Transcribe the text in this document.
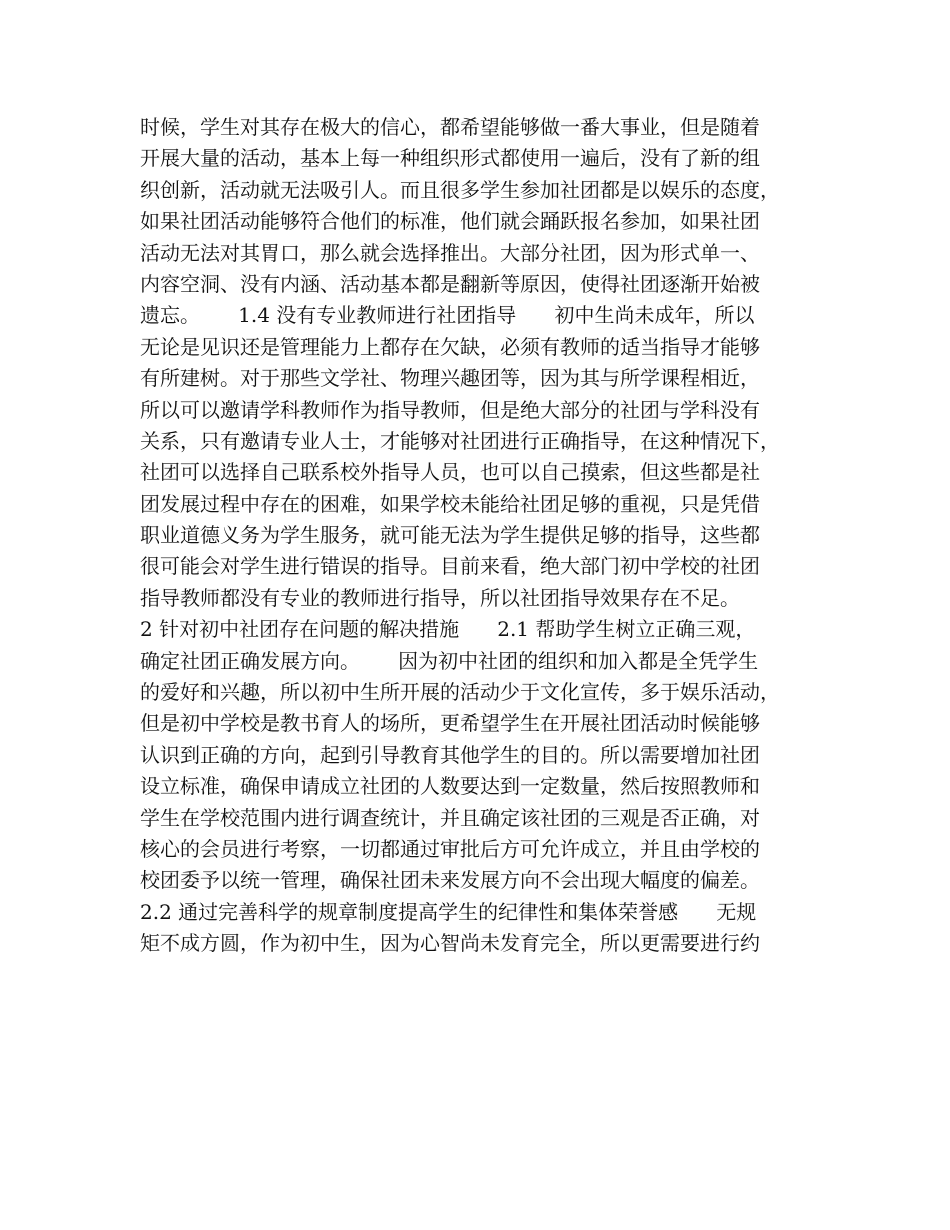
时候，学生对其存在极大的信心，都希望能够做一番大事业，但是随着
开展大量的活动，基本上每一种组织形式都使用一遍后，没有了新的组
织创新，活动就无法吸引人。而且很多学生参加社团都是以娱乐的态度，
如果社团活动能够符合他们的标准，他们就会踊跃报名参加，如果社团
活动无法对其胃口，那么就会选择推出。大部分社团，因为形式单一、
内容空洞、没有内涵、活动基本都是翻新等原因，使得社团逐渐开始被
遗忘。      1.4 没有专业教师进行社团指导      初中生尚未成年，所以
无论是见识还是管理能力上都存在欠缺，必须有教师的适当指导才能够
有所建树。对于那些文学社、物理兴趣团等，因为其与所学课程相近，
所以可以邀请学科教师作为指导教师，但是绝大部分的社团与学科没有
关系，只有邀请专业人士，才能够对社团进行正确指导，在这种情况下，
社团可以选择自己联系校外指导人员，也可以自己摸索，但这些都是社
团发展过程中存在的困难，如果学校未能给社团足够的重视，只是凭借
职业道德义务为学生服务，就可能无法为学生提供足够的指导，这些都
很可能会对学生进行错误的指导。目前来看，绝大部门初中学校的社团
指导教师都没有专业的教师进行指导，所以社团指导效果存在不足。
2 针对初中社团存在问题的解决措施      2.1 帮助学生树立正确三观，
确定社团正确发展方向。      因为初中社团的组织和加入都是全凭学生
的爱好和兴趣，所以初中生所开展的活动少于文化宣传，多于娱乐活动，
但是初中学校是教书育人的场所，更希望学生在开展社团活动时候能够
认识到正确的方向，起到引导教育其他学生的目的。所以需要增加社团
设立标准，确保申请成立社团的人数要达到一定数量，然后按照教师和
学生在学校范围内进行调查统计，并且确定该社团的三观是否正确，对
核心的会员进行考察，一切都通过审批后方可允许成立，并且由学校的
校团委予以统一管理，确保社团未来发展方向不会出现大幅度的偏差。
2.2 通过完善科学的规章制度提高学生的纪律性和集体荣誉感      无规
矩不成方圆，作为初中生，因为心智尚未发育完全，所以更需要进行约
